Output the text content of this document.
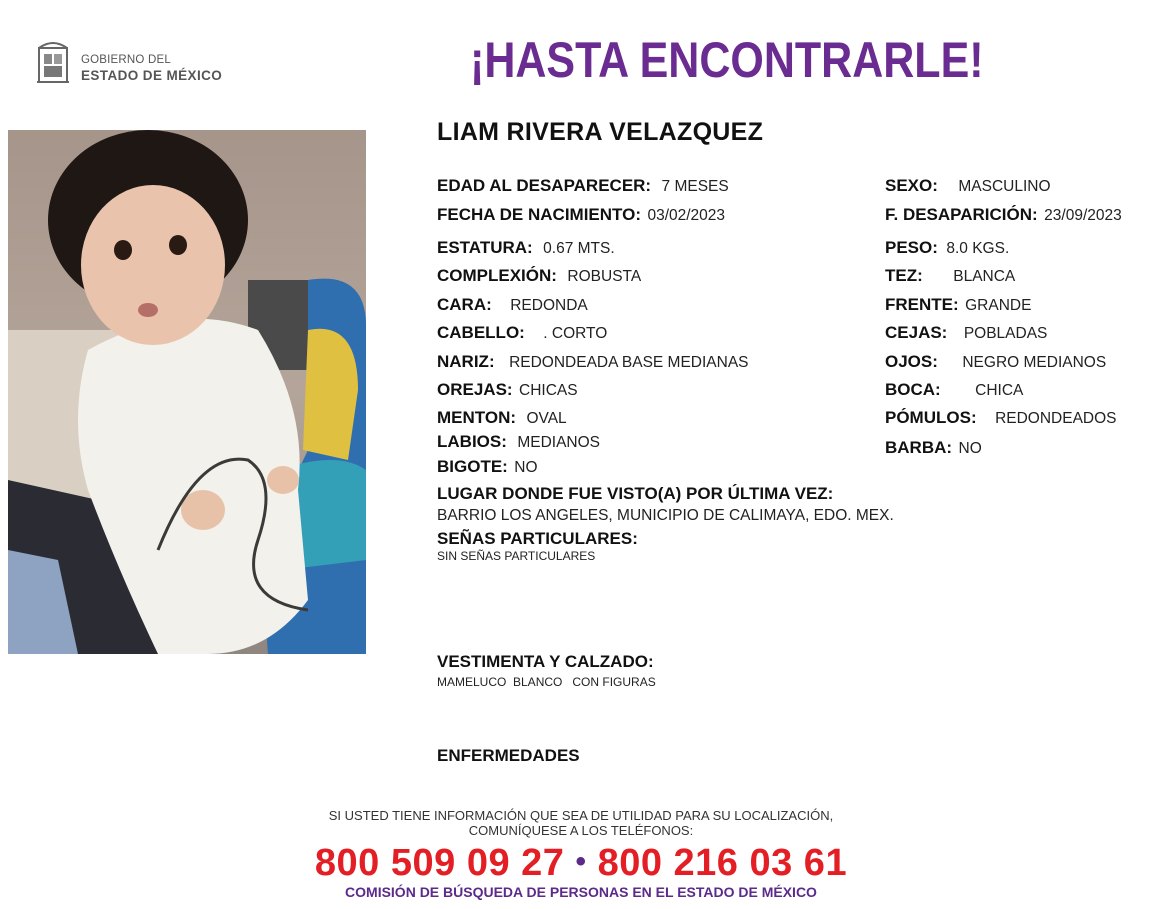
GOBIERNO DEL
ESTADO DE MÉXICO	¡HASTA ENCONTRARLE!
LIAM RIVERA VELAZQUEZ
EDAD AL DESAPARECER: 7 MESES
FECHA DE NACIMIENTO: 03/02/2023
ESTATURA: 0.67 MTS.
COMPLEXIÓN: ROBUSTA
CARA: REDONDA
CABELLO: . CORTO
NARIZ: REDONDEADA BASE MEDIANAS
OREJAS: CHICAS
MENTON: OVAL
LABIOS: MEDIANOS
BIGOTE: NO
SEXO: MASCULINO
F. DESAPARICIÓN: 23/09/2023
PESO: 8.0 KGS.
TEZ: BLANCA
FRENTE: GRANDE
CEJAS: POBLADAS
OJOS: NEGRO MEDIANOS
BOCA: CHICA
PÓMULOS: REDONDEADOS
BARBA: NO
LUGAR DONDE FUE VISTO(A) POR ÚLTIMA VEZ:
BARRIO LOS ANGELES, MUNICIPIO DE CALIMAYA, EDO. MEX.
SEÑAS PARTICULARES:
SIN SEÑAS PARTICULARES
VESTIMENTA Y CALZADO:
MAMELUCO  BLANCO   CON FIGURAS
ENFERMEDADES
SI USTED TIENE INFORMACIÓN QUE SEA DE UTILIDAD PARA SU LOCALIZACIÓN,
COMUNÍQUESE A LOS TELÉFONOS:
800 509 09 27 • 800 216 03 61
COMISIÓN DE BÚSQUEDA DE PERSONAS EN EL ESTADO DE MÉXICO
